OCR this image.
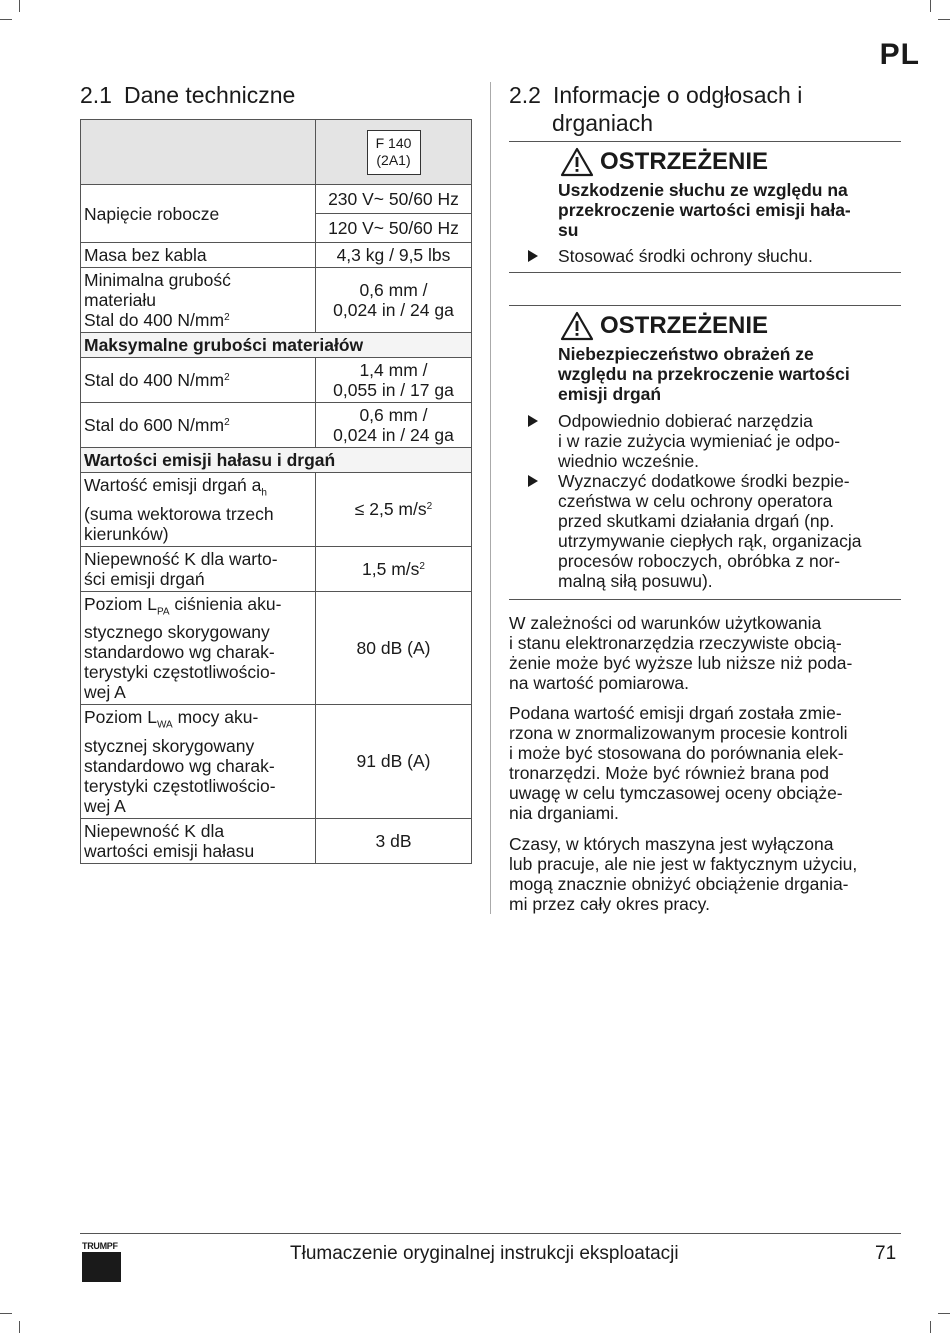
PL
2.1 Dane techniczne
	F 140
(2A1)
Napięcie robocze	230 V~ 50/60 Hz
120 V~ 50/60 Hz

Masa bez kabla	4,3 kg / 9,5 lbs
Minimalna grubość
materiału
Stal do 400 $N/mm^2$	0,6 mm /
0,024 in / 24 ga
Maksymalne grubości materiałów	
Stal do 400 $N/mm^2$	1,4 mm /
0,055 in / 17 ga
Stal do 600 $N/mm^2$	0,6 mm /
0,024 in / 24 ga
Wartości emisji hałasu i drgań	
Wartość emisji drgań $a_h$
(suma wektorowa trzech
kierunków)	≤ 2,5 $m/s^2$
Niepewność K dla warto-
ści emisji drgań	1,5 $m/s^2$
Poziom $L_{PA}$ ciśnienia aku-
stycznego skorygowany
standardowo wg charak-
terystyki częstotliwościo-
wej A	80 dB (A)
Poziom $L_{WA}$ mocy aku-
stycznej skorygowany
standardowo wg charak-
terystyki częstotliwościo-
wej A	91 dB (A)
Niepewność K dla
wartości emisji hałasu	3 dB
2.2 Informacje o odgłosach i
drganiach
OSTRZEŻENIE
Uszkodzenie słuchu ze względu na
przekroczenie wartości emisji hała-
su
Stosować środki ochrony słuchu.
OSTRZEŻENIE
Niebezpieczeństwo obrażeń ze
względu na przekroczenie wartości
emisji drgań
Odpowiednio dobierać narzędzia
i w razie zużycia wymieniać je odpo-
wiednio wcześnie.
Wyznaczyć dodatkowe środki bezpie-
czeństwa w celu ochrony operatora
przed skutkami działania drgań (np.
utrzymywanie ciepłych rąk, organizacja
procesów roboczych, obróbka z nor-
malną siłą posuwu).

W zależności od warunków użytkowania
i stanu elektronarzędzia rzeczywiste obcią-
żenie może być wyższe lub niższe niż poda-
na wartość pomiarowa.

Podana wartość emisji drgań została zmie-
rzona w znormalizowanym procesie kontroli
i może być stosowana do porównania elek-
tronarzędzi. Może być również brana pod
uwagę w celu tymczasowej oceny obciąże-
nia drganiami.

Czasy, w których maszyna jest wyłączona
lub pracuje, ale nie jest w faktycznym użyciu,
mogą znacznie obniżyć obciążenie drgania-
mi przez cały okres pracy.

TRUMPF	Tłumaczenie oryginalnej instrukcji eksploatacji	71
